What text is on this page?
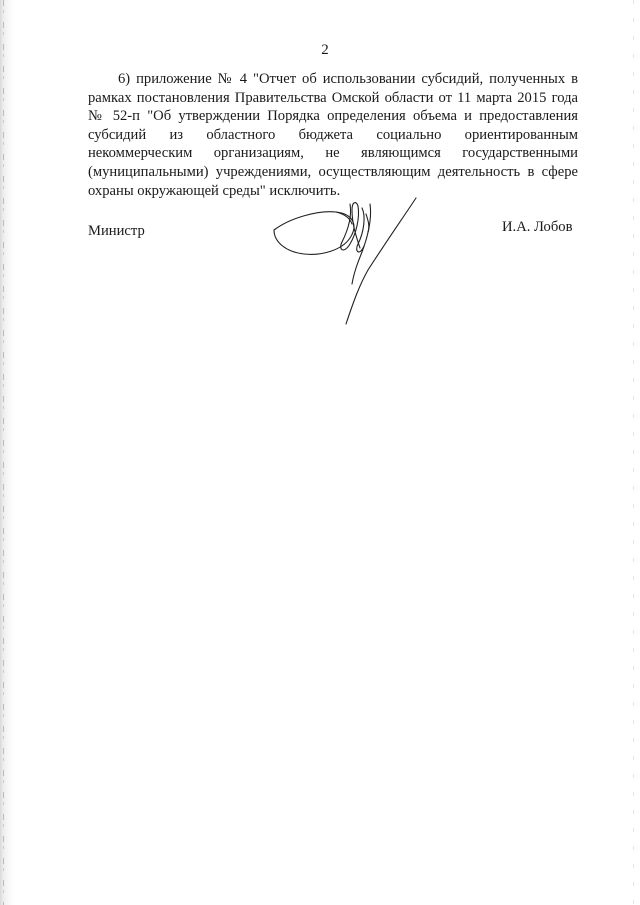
2

6) приложение № 4 "Отчет об использовании субсидий, полученных в
рамках постановления Правительства Омской области от 11 марта 2015 года
№ 52-п "Об утверждении Порядка определения объема и предоставления
субсидий из областного бюджета социально ориентированным
некоммерческим организациям, не являющимся государственными
(муниципальными) учреждениями, осуществляющим деятельность в сфере
охраны окружающей среды" исключить.

Министр	И.А. Лобов
